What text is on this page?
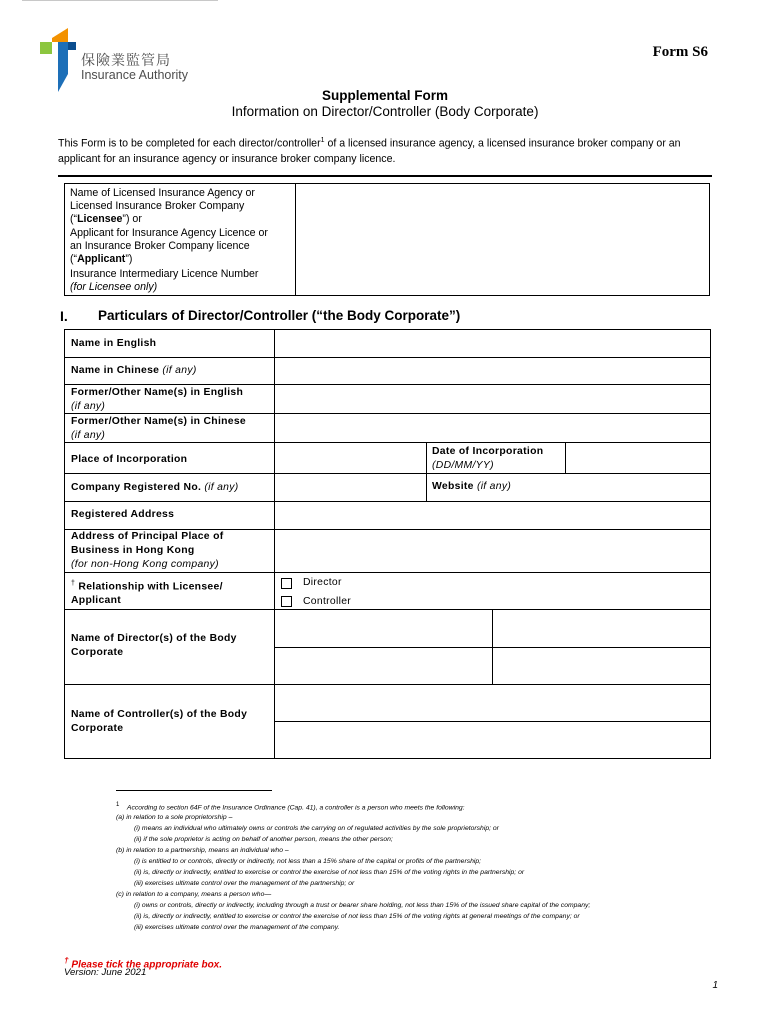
保險業監管局
Insurance Authority
Form S6
Supplemental Form
Information on Director/Controller (Body Corporate)
This Form is to be completed for each director/controller$^1$ of a licensed insurance agency, a licensed insurance broker company or an applicant for an insurance agency or insurance broker company licence.
Name of Licensed Insurance Agency or
Licensed Insurance Broker Company
(“Licensee”) or
Applicant for Insurance Agency Licence or
an Insurance Broker Company licence
(“Applicant”)
Insurance Intermediary Licence Number
(for Licensee only)
I. Particulars of Director/Controller (“the Body Corporate”)
Name in English
Name in Chinese (if any)
Former/Other Name(s) in English
(if any)
Former/Other Name(s) in Chinese
(if any)
Place of Incorporation
Date of Incorporation
(DD/MM/YY)
Company Registered No. (if any)	Website (if any)
Registered Address
Address of Principal Place of
Business in Hong Kong
(for non-Hong Kong company)
† Relationship with Licensee/
Applicant
Director
Controller
Name of Director(s) of the Body
Corporate
Name of Controller(s) of the Body
Corporate
$^1$ According to section 64F of the Insurance Ordinance (Cap. 41), a controller is a person who meets the following:
(a) in relation to a sole proprietorship –
(i) means an individual who ultimately owns or controls the carrying on of regulated activities by the sole proprietorship; or
(ii) if the sole proprietor is acting on behalf of another person, means the other person;
(b) in relation to a partnership, means an individual who –
(i) is entitled to or controls, directly or indirectly, not less than a 15% share of the capital or profits of the partnership;
(ii) is, directly or indirectly, entitled to exercise or control the exercise of not less than 15% of the voting rights in the partnership; or
(iii) exercises ultimate control over the management of the partnership; or
(c) in relation to a company, means a person who—
(i) owns or controls, directly or indirectly, including through a trust or bearer share holding, not less than 15% of the issued share capital of the company;
(ii) is, directly or indirectly, entitled to exercise or control the exercise of not less than 15% of the voting rights at general meetings of the company; or
(iii) exercises ultimate control over the management of the company.
† Please tick the appropriate box.
Version: June 2021
1
